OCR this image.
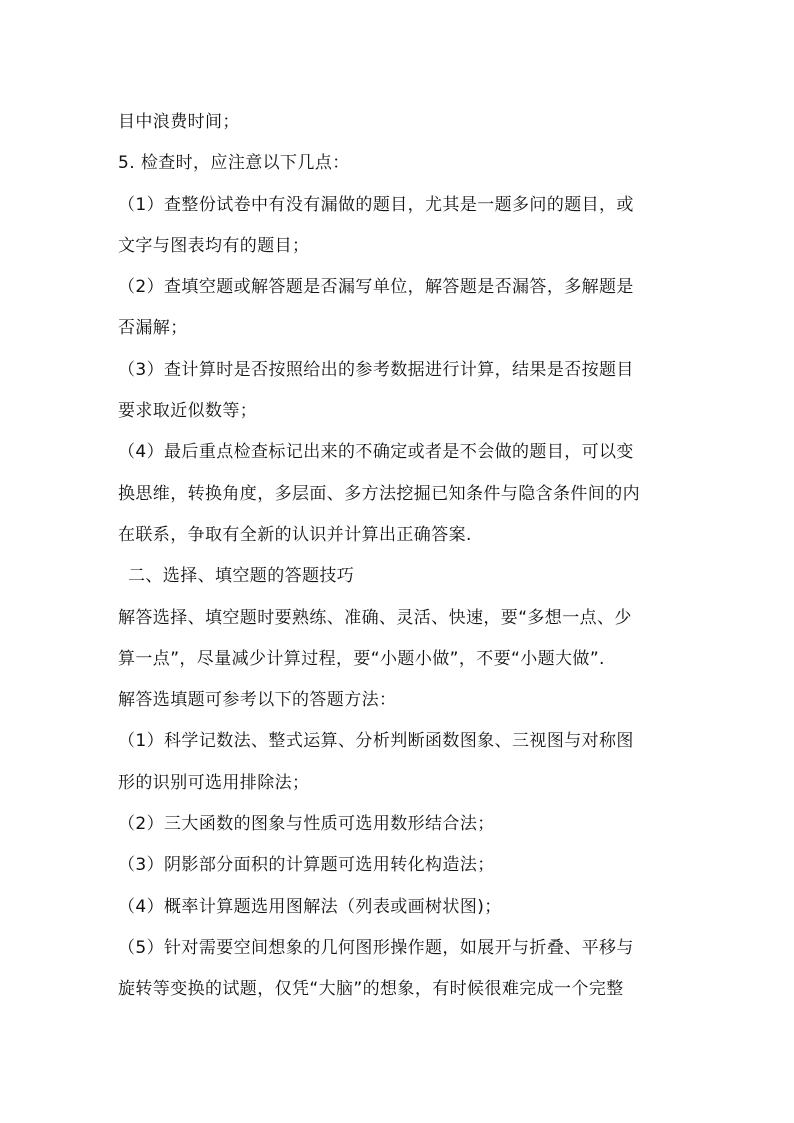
目中浪费时间；
5. 检查时，应注意以下几点：
（1）查整份试卷中有没有漏做的题目，尤其是一题多问的题目，或
文字与图表均有的题目；
（2）查填空题或解答题是否漏写单位，解答题是否漏答，多解题是
否漏解；
（3）查计算时是否按照给出的参考数据进行计算，结果是否按题目
要求取近似数等；
（4）最后重点检查标记出来的不确定或者是不会做的题目，可以变
换思维，转换角度，多层面、多方法挖掘已知条件与隐含条件间的内
在联系，争取有全新的认识并计算出正确答案.
二、选择、填空题的答题技巧
解答选择、填空题时要熟练、准确、灵活、快速，要“多想一点、少
算一点”，尽量减少计算过程，要“小题小做”，不要“小题大做”.
解答选填题可参考以下的答题方法：
（1）科学记数法、整式运算、分析判断函数图象、三视图与对称图
形的识别可选用排除法；
（2）三大函数的图象与性质可选用数形结合法；
（3）阴影部分面积的计算题可选用转化构造法；
（4）概率计算题选用图解法（列表或画树状图)；
（5）针对需要空间想象的几何图形操作题，如展开与折叠、平移与
旋转等变换的试题，仅凭“大脑”的想象，有时候很难完成一个完整
